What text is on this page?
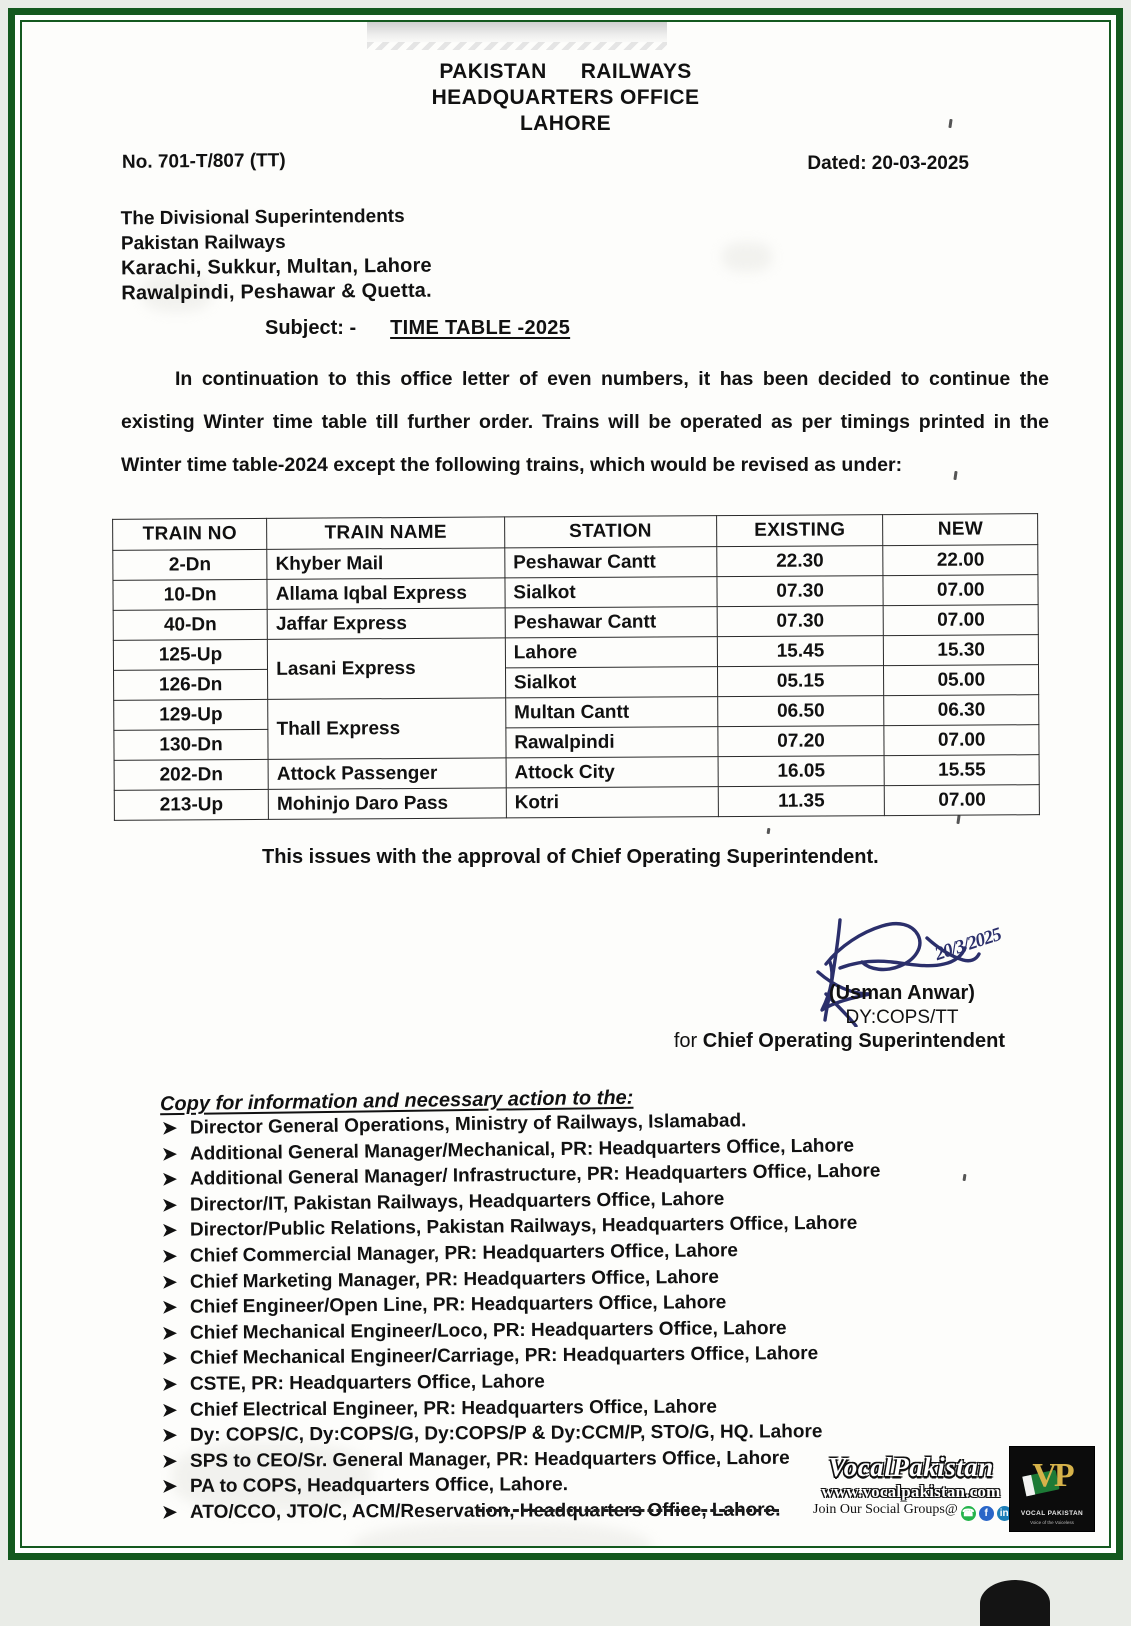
PAKISTAN RAILWAYS
HEADQUARTERS OFFICE
LAHORE
No. 701-T/807 (TT)	Dated: 20-03-2025
The Divisional Superintendents
Pakistan Railways
Karachi, Sukkur, Multan, Lahore
Rawalpindi, Peshawar & Quetta.
Subject: - TIME TABLE -2025
In continuation to this office letter of even numbers, it has been decided to continue the existing Winter time table till further order. Trains will be operated as per timings printed in the Winter time table-2024 except the following trains, which would be revised as under:
TRAIN NO	TRAIN NAME	STATION	EXISTING	NEW
2-Dn	Khyber Mail	Peshawar Cantt	22.30	22.00
10-Dn	Allama Iqbal Express	Sialkot	07.30	07.00
40-Dn	Jaffar Express	Peshawar Cantt	07.30	07.00
125-Up	Lasani Express	Lahore	15.45	15.30
126-Dn		Sialkot	05.15	05.00
129-Up	Thall Express	Multan Cantt	06.50	06.30
130-Dn		Rawalpindi	07.20	07.00
202-Dn	Attock Passenger	Attock City	16.05	15.55
213-Up	Mohinjo Daro Pass	Kotri	11.35	07.00
This issues with the approval of Chief Operating Superintendent.
20/3/2025
(Usman Anwar)
DY:COPS/TT
for Chief Operating Superintendent
Copy for information and necessary action to the:
➤ Director General Operations, Ministry of Railways, Islamabad.
➤ Additional General Manager/Mechanical, PR: Headquarters Office, Lahore
➤ Additional General Manager/ Infrastructure, PR: Headquarters Office, Lahore
➤ Director/IT, Pakistan Railways, Headquarters Office, Lahore
➤ Director/Public Relations, Pakistan Railways, Headquarters Office, Lahore
➤ Chief Commercial Manager, PR: Headquarters Office, Lahore
➤ Chief Marketing Manager, PR: Headquarters Office, Lahore
➤ Chief Engineer/Open Line, PR: Headquarters Office, Lahore
➤ Chief Mechanical Engineer/Loco, PR: Headquarters Office, Lahore
➤ Chief Mechanical Engineer/Carriage, PR: Headquarters Office, Lahore
➤ CSTE, PR: Headquarters Office, Lahore
➤ Chief Electrical Engineer, PR: Headquarters Office, Lahore
➤ Dy: COPS/C, Dy:COPS/G, Dy:COPS/P & Dy:CCM/P, STO/G, HQ. Lahore
➤ SPS to CEO/Sr. General Manager, PR: Headquarters Office, Lahore
➤ PA to COPS, Headquarters Office, Lahore.
➤ ATO/CCO, JTO/C, ACM/Reservation, Headquarters Office, Lahore.
VocalPakistan
www.vocalpakistan.com
Join Our Social Groups@ ☎ f in
VP
VOCAL PAKISTAN
Voice of the Voiceless
